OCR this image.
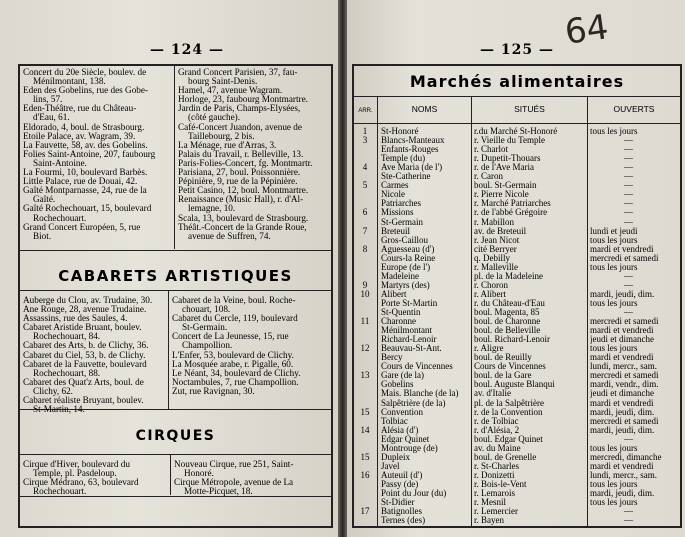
— 124 —
Concert du 20e Siècle, boulev. de
Ménilmontant, 138.
Eden des Gobelins, rue des Gobe-
lins, 57.
Eden-Théâtre, rue du Château-
d'Eau, 61.
Eldorado, 4, boul. de Strasbourg.
Etoile Palace, av. Wagram, 39.
La Fauvette, 58, av. des Gobelins.
Folies Saint-Antoine, 207, faubourg
Saint-Antoine.
La Fourmi, 10, boulevard Barbès.
Little Palace, rue de Douai, 42.
Gaîté Montparnasse, 24, rue de la
Gaîté.
Gaîté Rochechouart, 15, boulevard
Rochechouart.
Grand Concert Européen, 5, rue
Biot.
Grand Concert Parisien, 37, fau-
bourg Saint-Denis.
Hamel, 47, avenue Wagram.
Horloge, 23, faubourg Montmartre.
Jardin de Paris, Champs-Elysées,
(côté gauche).
Café-Concert Juandon, avenue de
Taillebourg, 2 bis.
La Ménage, rue d'Arras, 3.
Palais du Travail, r. Belleville, 13.
Paris-Folies-Concert, fg. Montmartr.
Parisiana, 27, boul. Poissonnière.
Pépinière, 9, rue de la Pépinière.
Petit Casino, 12, boul. Montmartre.
Renaissance (Music Hall), r. d'Al-
lemagne, 10.
Scala, 13, boulevard de Strasbourg.
Théât.-Concert de la Grande Roue,
avenue de Suffren, 74.
CABARETS ARTISTIQUES
Auberge du Clou, av. Trudaine, 30.
Ane Rouge, 28, avenue Trudaine.
Assassins, rue des Saules, 4.
Cabaret Aristide Bruant, boulev.
Rochechouart, 84.
Cabaret des Arts, b. de Clichy, 36.
Cabaret du Ciel, 53, b. de Clichy.
Cabaret de la Fauvette, boulevard
Rochechouart, 88.
Cabaret des Quat'z Arts, boul. de
Clichy, 62.
Cabaret réaliste Bruyant, boulev.
St-Martin, 14.
Cabaret de la Veine, boul. Roche-
chouart, 108.
Cabaret du Cercle, 119, boulevard
St-Germain.
Concert de La Jeunesse, 15, rue
Champollion.
L'Enfer, 53, boulevard de Clichy.
La Mosquée arabe, r. Pigalle, 60.
Le Néant, 34, boulevard de Clichy.
Noctambules, 7, rue Champollion.
Zut, rue Ravignan, 30.
CIRQUES
Cirque d'Hiver, boulevard du
Temple, pl. Pasdeloup.
Cirque Médrano, 63, boulevard
Rochechouart.
Nouveau Cirque, rue 251, Saint-
Honoré.
Cirque Métropole, avenue de La
Motte-Picquet, 18.
— 125 — 64
Marchés alimentaires
ARR.	NOMS	SITUÉS	OUVERTS
1	St-Honoré	r.du Marché St-Honoré	tous les jours
3	Blancs-Manteaux	r. Vieille du Temple	—
Enfants-Rouges	r. Charlot	—
Temple (du)	r. Dupetit-Thouars	—
4	Ave Maria (de l')	r. de l'Ave Maria	—
Ste-Catherine	r. Caron	—
5	Carmes	boul. St-Germain	—
Nicole	r. Pierre Nicole	—
Patriarches	r. Marché Patriarches	—
6	Missions	r. de l'abbé Grégoire	—
St-Germain	r. Mabillon	—
7	Breteuil	av. de Breteuil	lundi et jeudi
Gros-Caillou	r. Jean Nicot	tous les jours
8	Aguesseau (d')	cité Berryer	mardi et vendredi
Cours-la Reine	q. Debilly	mercredi et samedi
Europe (de l')	r. Malleville	tous les jours
Madeleine	pl. de la Madeleine	—
9	Martyrs (des)	r. Choron	—
10	Alibert	r. Alibert	mardi, jeudi, dim.
Porte St-Martin	r. du Château-d'Eau	tous les jours
St-Quentin	boul. Magenta, 85	—
11	Charonne	boul. de Charonne	mercredi et samedi
Ménilmontant	boul. de Belleville	mardi et vendredi
Richard-Lenoir	boul. Richard-Lenoir	jeudi et dimanche
12	Beauvau-St-Ant.	r. Aligre	tous les jours
Bercy	boul. de Reuilly	mardi et vendredi
Cours de Vincennes	Cours de Vincennes	lundi, mercr., sam.
13	Gare (de la)	boul. de la Gare	mercredi et samedi
Gobelins	boul. Auguste Blanqui	mardi, vendr., dim.
Mais. Blanche (de la)	av. d'Italie	jeudi et dimanche
Salpêtrière (de la)	pl. de la Salpêtrière	mardi et vendredi
15	Convention	r. de la Convention	mardi, jeudi, dim.
Tolbiac	r. de Tolbiac	mercredi et samedi
14	Alésia (d')	r. d'Alésia, 2	mardi, jeudi, dim.
Edgar Quinet	boul. Edgar Quinet	—
Montrouge (de)	av. du Maine	tous les jours
15	Dupleix	boul. de Grenelle	mercredi, dimanche
Javel	r. St-Charles	mardi et vendredi
16	Auteuil (d')	r. Donizetti	lundi, mercr., sam.
Passy (de)	r. Bois-le-Vent	tous les jours
Point du Jour (du)	r. Lemarois	mardi, jeudi, dim.
St-Didier	r. Mesnil	tous les jours
17	Batignolles	r. Lemercier	—
Ternes (des)	r. Bayen	—
